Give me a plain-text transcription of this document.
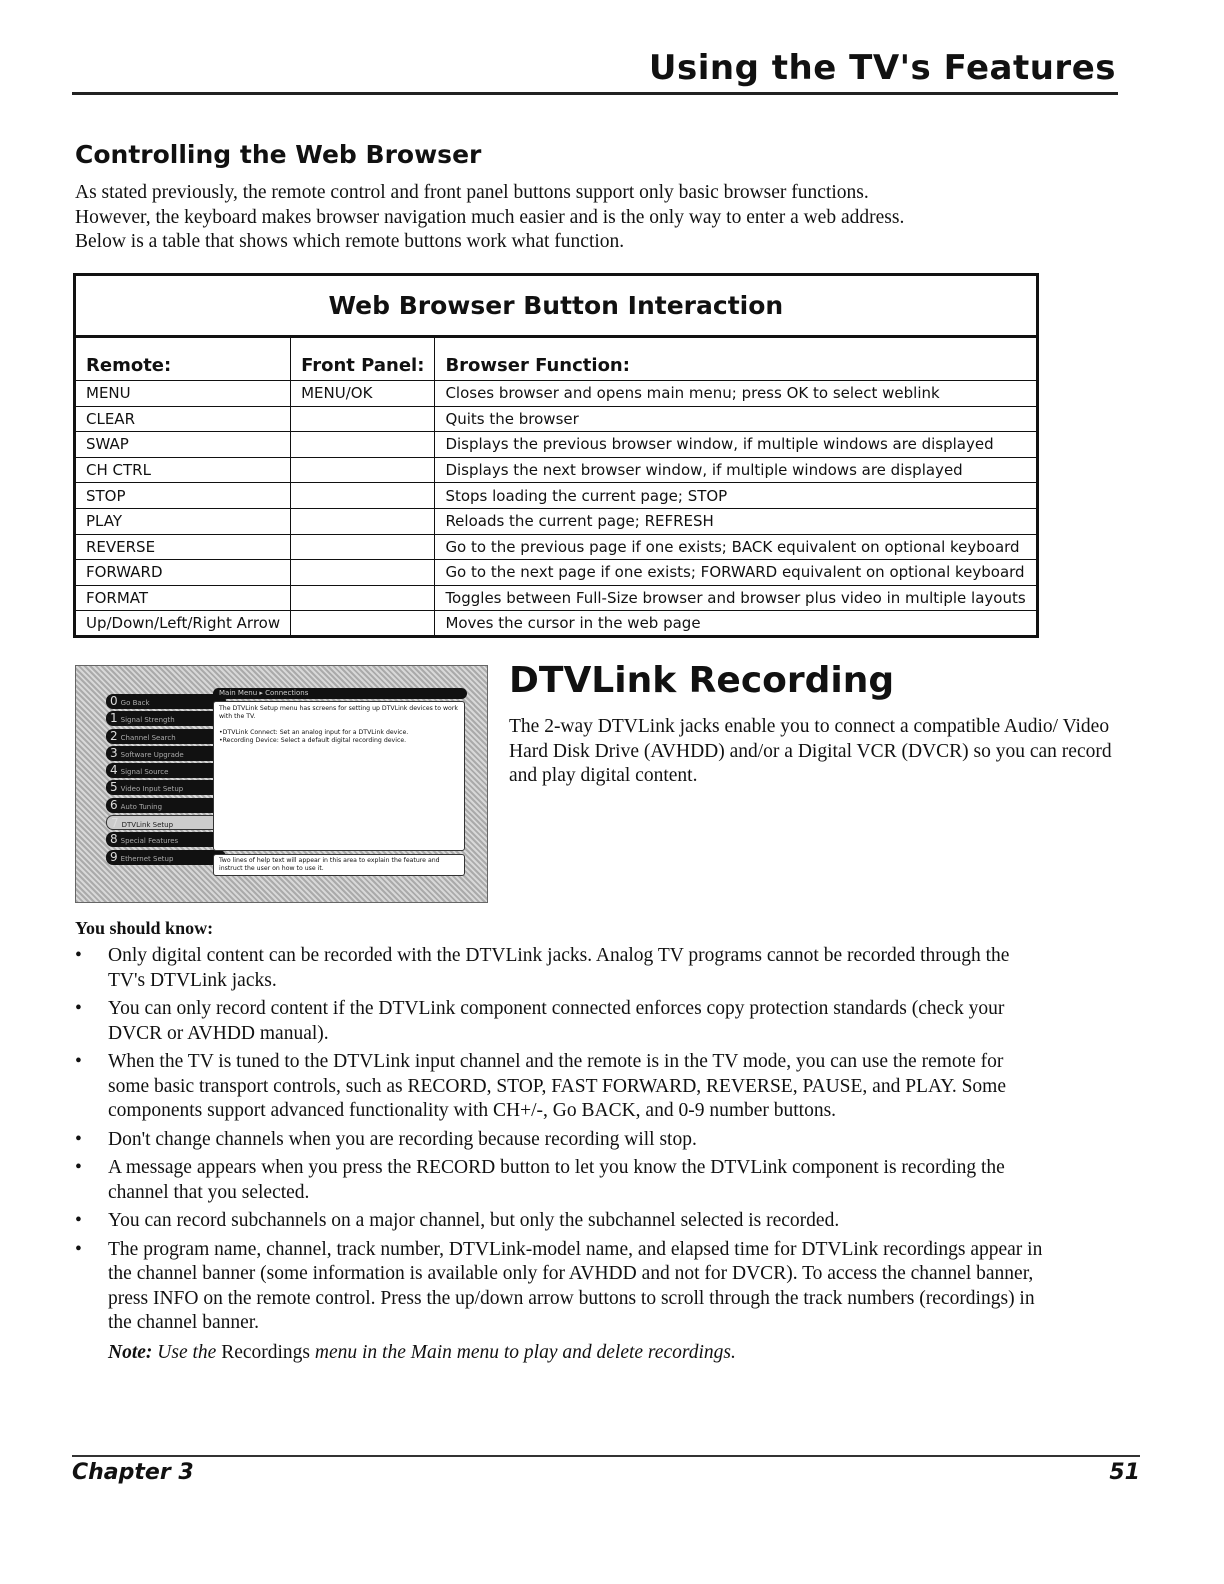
Using the TV's Features
Controlling the Web Browser

As stated previously, the remote control and front panel buttons support only basic browser functions. However, the keyboard makes browser navigation much easier and is the only way to enter a web address. Below is a table that shows which remote buttons work what function.

Web Browser Button Interaction		
Remote:	Front Panel:	Browser Function:
MENU	MENU/OK	Closes browser and opens main menu; press OK to select weblink
CLEAR		Quits the browser
SWAP		Displays the previous browser window, if multiple windows are displayed
CH CTRL		Displays the next browser window, if multiple windows are displayed
STOP		Stops loading the current page; STOP
PLAY		Reloads the current page; REFRESH
REVERSE		Go to the previous page if one exists; BACK equivalent on optional keyboard
FORWARD		Go to the next page if one exists; FORWARD equivalent on optional keyboard
FORMAT		Toggles between Full-Size browser and browser plus video in multiple layouts
Up/Down/Left/Right Arrow		Moves the cursor in the web page
0 Go Back
1 Signal Strength
2 Channel Search
3 Software Upgrade
4 Signal Source
5 Video Input Setup
6 Auto Tuning
7 DTVLink Setup
8 Special Features
9 Ethernet Setup
Main Menu ▸ Connections
The DTVLink Setup menu has screens for setting up DTVLink devices to work with the TV.

•DTVLink Connect: Set an analog input for a DTVLink device.
•Recording Device: Select a default digital recording device.
Two lines of help text will appear in this area to explain the feature and instruct the user on how to use it.
DTVLink Recording

The 2-way DTVLink jacks enable you to connect a compatible Audio/ Video Hard Disk Drive (AVHDD) and/or a Digital VCR (DVCR) so you can record and play digital content.

You should know:
• Only digital content can be recorded with the DTVLink jacks. Analog TV programs cannot be recorded through the TV's DTVLink jacks.
• You can only record content if the DTVLink component connected enforces copy protection standards (check your DVCR or AVHDD manual).
• When the TV is tuned to the DTVLink input channel and the remote is in the TV mode, you can use the remote for some basic transport controls, such as RECORD, STOP, FAST FORWARD, REVERSE, PAUSE, and PLAY. Some components support advanced functionality with CH+/-, Go BACK, and 0-9 number buttons.
• Don't change channels when you are recording because recording will stop.
• A message appears when you press the RECORD button to let you know the DTVLink component is recording the channel that you selected.
• You can record subchannels on a major channel, but only the subchannel selected is recorded.
• The program name, channel, track number, DTVLink-model name, and elapsed time for DTVLink recordings appear in the channel banner (some information is available only for AVHDD and not for DVCR). To access the channel banner, press INFO on the remote control. Press the up/down arrow buttons to scroll through the track numbers (recordings) in the channel banner.

Note: Use the Recordings menu in the Main menu to play and delete recordings.

Chapter 3	51
